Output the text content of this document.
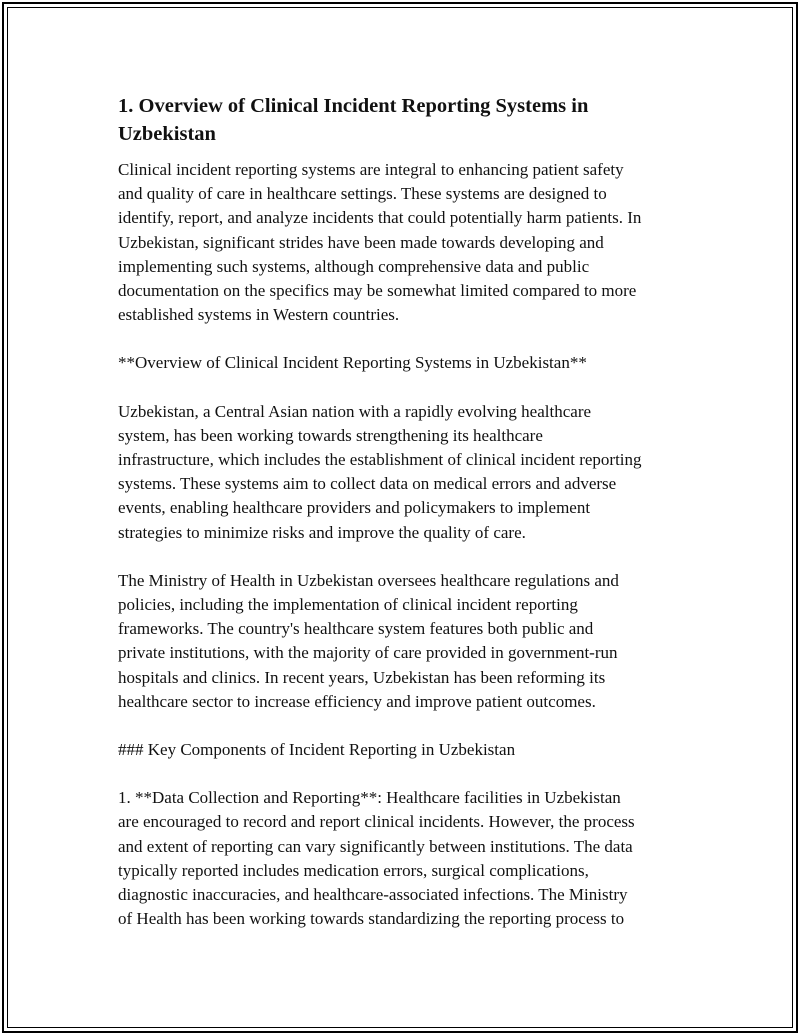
1. Overview of Clinical Incident Reporting Systems in
Uzbekistan
Clinical incident reporting systems are integral to enhancing patient safety
and quality of care in healthcare settings. These systems are designed to
identify, report, and analyze incidents that could potentially harm patients. In
Uzbekistan, significant strides have been made towards developing and
implementing such systems, although comprehensive data and public
documentation on the specifics may be somewhat limited compared to more
established systems in Western countries.
**Overview of Clinical Incident Reporting Systems in Uzbekistan**
Uzbekistan, a Central Asian nation with a rapidly evolving healthcare
system, has been working towards strengthening its healthcare
infrastructure, which includes the establishment of clinical incident reporting
systems. These systems aim to collect data on medical errors and adverse
events, enabling healthcare providers and policymakers to implement
strategies to minimize risks and improve the quality of care.
The Ministry of Health in Uzbekistan oversees healthcare regulations and
policies, including the implementation of clinical incident reporting
frameworks. The country's healthcare system features both public and
private institutions, with the majority of care provided in government-run
hospitals and clinics. In recent years, Uzbekistan has been reforming its
healthcare sector to increase efficiency and improve patient outcomes.
### Key Components of Incident Reporting in Uzbekistan
1. **Data Collection and Reporting**: Healthcare facilities in Uzbekistan
are encouraged to record and report clinical incidents. However, the process
and extent of reporting can vary significantly between institutions. The data
typically reported includes medication errors, surgical complications,
diagnostic inaccuracies, and healthcare-associated infections. The Ministry
of Health has been working towards standardizing the reporting process to
